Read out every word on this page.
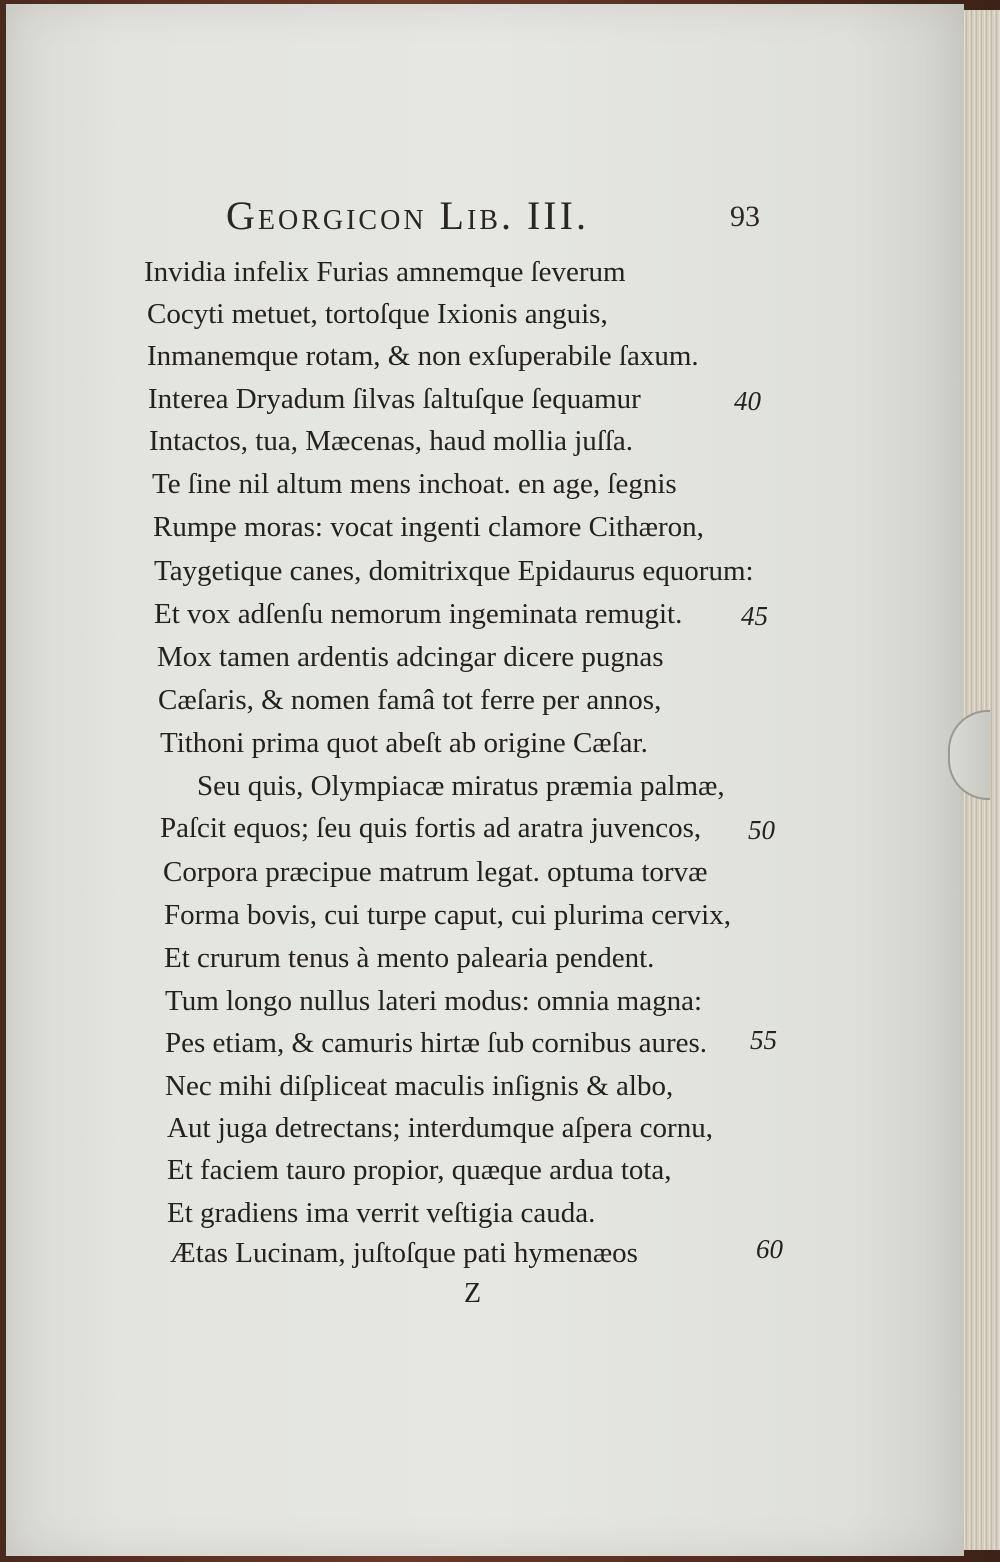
Georgicon Lib. III.	93
Invidia infelix Furias amnemque ſeverum
Cocyti metuet, tortoſque Ixionis anguis,
Inmanemque rotam, & non exſuperabile ſaxum.
Interea Dryadum ſilvas ſaltuſque ſequamur
Intactos, tua, Mæcenas, haud mollia juſſa.
Te ſine nil altum mens inchoat. en age, ſegnis
Rumpe moras: vocat ingenti clamore Cithæron,
Taygetique canes, domitrixque Epidaurus equorum:
Et vox adſenſu nemorum ingeminata remugit.
Mox tamen ardentis adcingar dicere pugnas
Cæſaris, & nomen famâ tot ferre per annos,
Tithoni prima quot abeſt ab origine Cæſar.
Seu quis, Olympiacæ miratus præmia palmæ,
Paſcit equos; ſeu quis fortis ad aratra juvencos,
Corpora præcipue matrum legat. optuma torvæ
Forma bovis, cui turpe caput, cui plurima cervix,
Et crurum tenus à mento palearia pendent.
Tum longo nullus lateri modus: omnia magna:
Pes etiam, & camuris hirtæ ſub cornibus aures.
Nec mihi diſpliceat maculis inſignis & albo,
Aut juga detrectans; interdumque aſpera cornu,
Et faciem tauro propior, quæque ardua tota,
Et gradiens ima verrit veſtigia cauda.
Ætas Lucinam, juſtoſque pati hymenæos
40
45
50
55
60
Z
